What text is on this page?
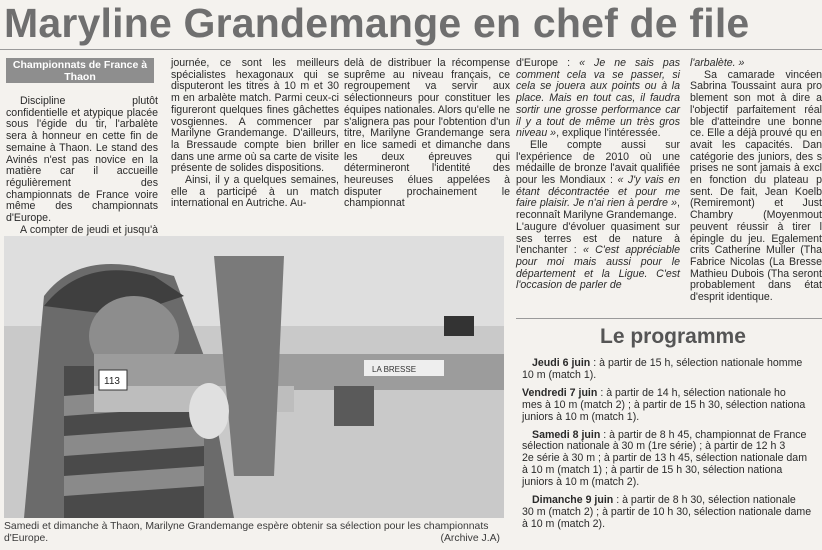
Maryline Grandemange en chef de file
Championnats de France à Thaon

Discipline plutôt confidentielle et atypique placée sous l'égide du tir, l'arbalète sera à honneur en cette fin de semaine à Thaon. Le stand des Avinés n'est pas novice en la matière car il accueille régulièrement des championnats de France voire même des championnats d'Europe.

A compter de jeudi et jusqu'à

journée, ce sont les meilleurs spécialistes hexagonaux qui se disputeront les titres à 10 m et 30 m en arbalète match. Parmi ceux-ci figureront quelques fines gâchettes vosgiennes. A commencer par Marilyne Grandemange. D'ailleurs, la Bressaude compte bien briller dans une arme où sa carte de visite présente de solides dispositions.

Ainsi, il y a quelques semaines, elle a participé à un match international en Autriche. Au-

delà de distribuer la récompense suprême au niveau français, ce regroupement va servir aux sélectionneurs pour constituer les équipes nationales. Alors qu'elle ne s'alignera pas pour l'obtention d'un titre, Marilyne Grandemange sera en lice samedi et dimanche dans les deux épreuves qui détermineront l'identité des heureuses élues appelées à disputer prochainement le championnat

d'Europe : « Je ne sais pas comment cela va se passer, si cela se jouera aux points ou à la place. Mais en tout cas, il faudra sortir une grosse performance car il y a tout de même un très gros niveau », explique l'intéressée.

Elle compte aussi sur l'expérience de 2010 où une médaille de bronze l'avait qualifiée pour les Mondiaux : « J'y vais en étant décontractée et pour me faire plaisir. Je n'ai rien à perdre », reconnaît Marilyne Grandemange.

L'augure d'évoluer quasiment sur ses terres est de nature à l'enchanter : « C'est appréciable pour moi mais aussi pour le département et la Ligue. C'est l'occasion de parler de

l'arbalète. »

Sa camarade vincéen Sabrina Toussaint aura pro blement son mot à dire a l'objectif parfaitement réal ble d'atteindre une bonne ce. Elle a déjà prouvé qu en avait les capacités. Dan catégorie des juniors, des s prises ne sont jamais à excl en fonction du plateau p sent. De fait, Jean Koelb (Remiremont) et Just Chambry (Moyenmout peuvent réussir à tirer l épingle du jeu. Egalement crits Catherine Muller (Tha Fabrice Nicolas (La Bresse Mathieu Dubois (Tha seront probablement dans état d'esprit identique.

113
LA BRESSE
Samedi et dimanche à Thaon, Marilyne Grandemange espère obtenir sa sélection pour les championnats d'Europe.	(Archive J.A)
Le programme
Jeudi 6 juin : à partir de 15 h, sélection nationale homme
10 m (match 1).
Vendredi 7 juin : à partir de 14 h, sélection nationale ho
mes à 10 m (match 2) ; à partir de 15 h 30, sélection nationa
juniors à 10 m (match 1).
Samedi 8 juin : à partir de 8 h 45, championnat de France
sélection nationale à 30 m (1re série) ; à partir de 12 h 3
2e série à 30 m ; à partir de 13 h 45, sélection nationale dam
à 10 m (match 1) ; à partir de 15 h 30, sélection nationa
juniors à 10 m (match 2).
Dimanche 9 juin : à partir de 8 h 30, sélection nationale
30 m (match 2) ; à partir de 10 h 30, sélection nationale dame
à 10 m (match 2).
